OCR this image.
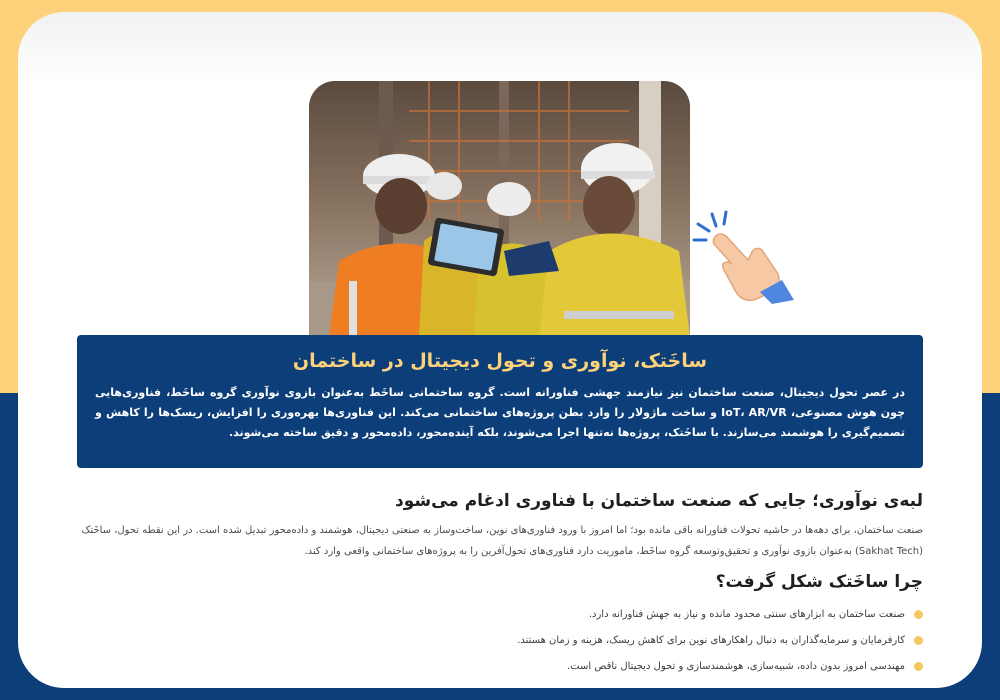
ساخَتک، نوآوری و تحول دیجیتال در ساختمان

در عصر تحول دیجیتال، صنعت ساختمان نیز نیازمند جهشی فناورانه است. گروه ساختمانی ساخَط به‌عنوان بازوی نوآوری گروه ساخَط، فناوری‌هایی چون هوش مصنوعی، IoT، AR/VR و ساخت ماژولار را وارد بطن پروژه‌های ساختمانی می‌کند. این فناوری‌ها بهره‌وری را افزایش، ریسک‌ها را کاهش و تصمیم‌گیری را هوشمند می‌سازند. با ساخَتک، پروژه‌ها نه‌تنها اجرا می‌شوند، بلکه آینده‌محور، داده‌محور و دقیق ساخته می‌شوند.

لبه‌ی نوآوری؛ جایی که صنعت ساختمان با فناوری ادغام می‌شود
صنعت ساختمان، برای دهه‌ها در حاشیه تحولات فناورانه باقی مانده بود؛ اما امروز با ورود فناوری‌های نوین، ساخت‌وساز به صنعتی دیجیتال، هوشمند و داده‌محور تبدیل شده است. در این نقطه تحول، ساخَتک (Sakhat Tech) به‌عنوان بازوی نوآوری و تحقیق‌وتوسعه گروه ساخَط، ماموریت دارد فناوری‌های تحول‌آفرین را به پروژه‌های ساختمانی واقعی وارد کند.
چرا ساخَتک شکل گرفت؟
صنعت ساختمان به ابزارهای سنتی محدود مانده و نیاز به جهش فناورانه دارد.
کارفرمایان و سرمایه‌گذاران به دنبال راهکارهای نوین برای کاهش ریسک، هزینه و زمان هستند.
مهندسی امروز بدون داده، شبیه‌سازی، هوشمندسازی و تحول دیجیتال ناقص است.
